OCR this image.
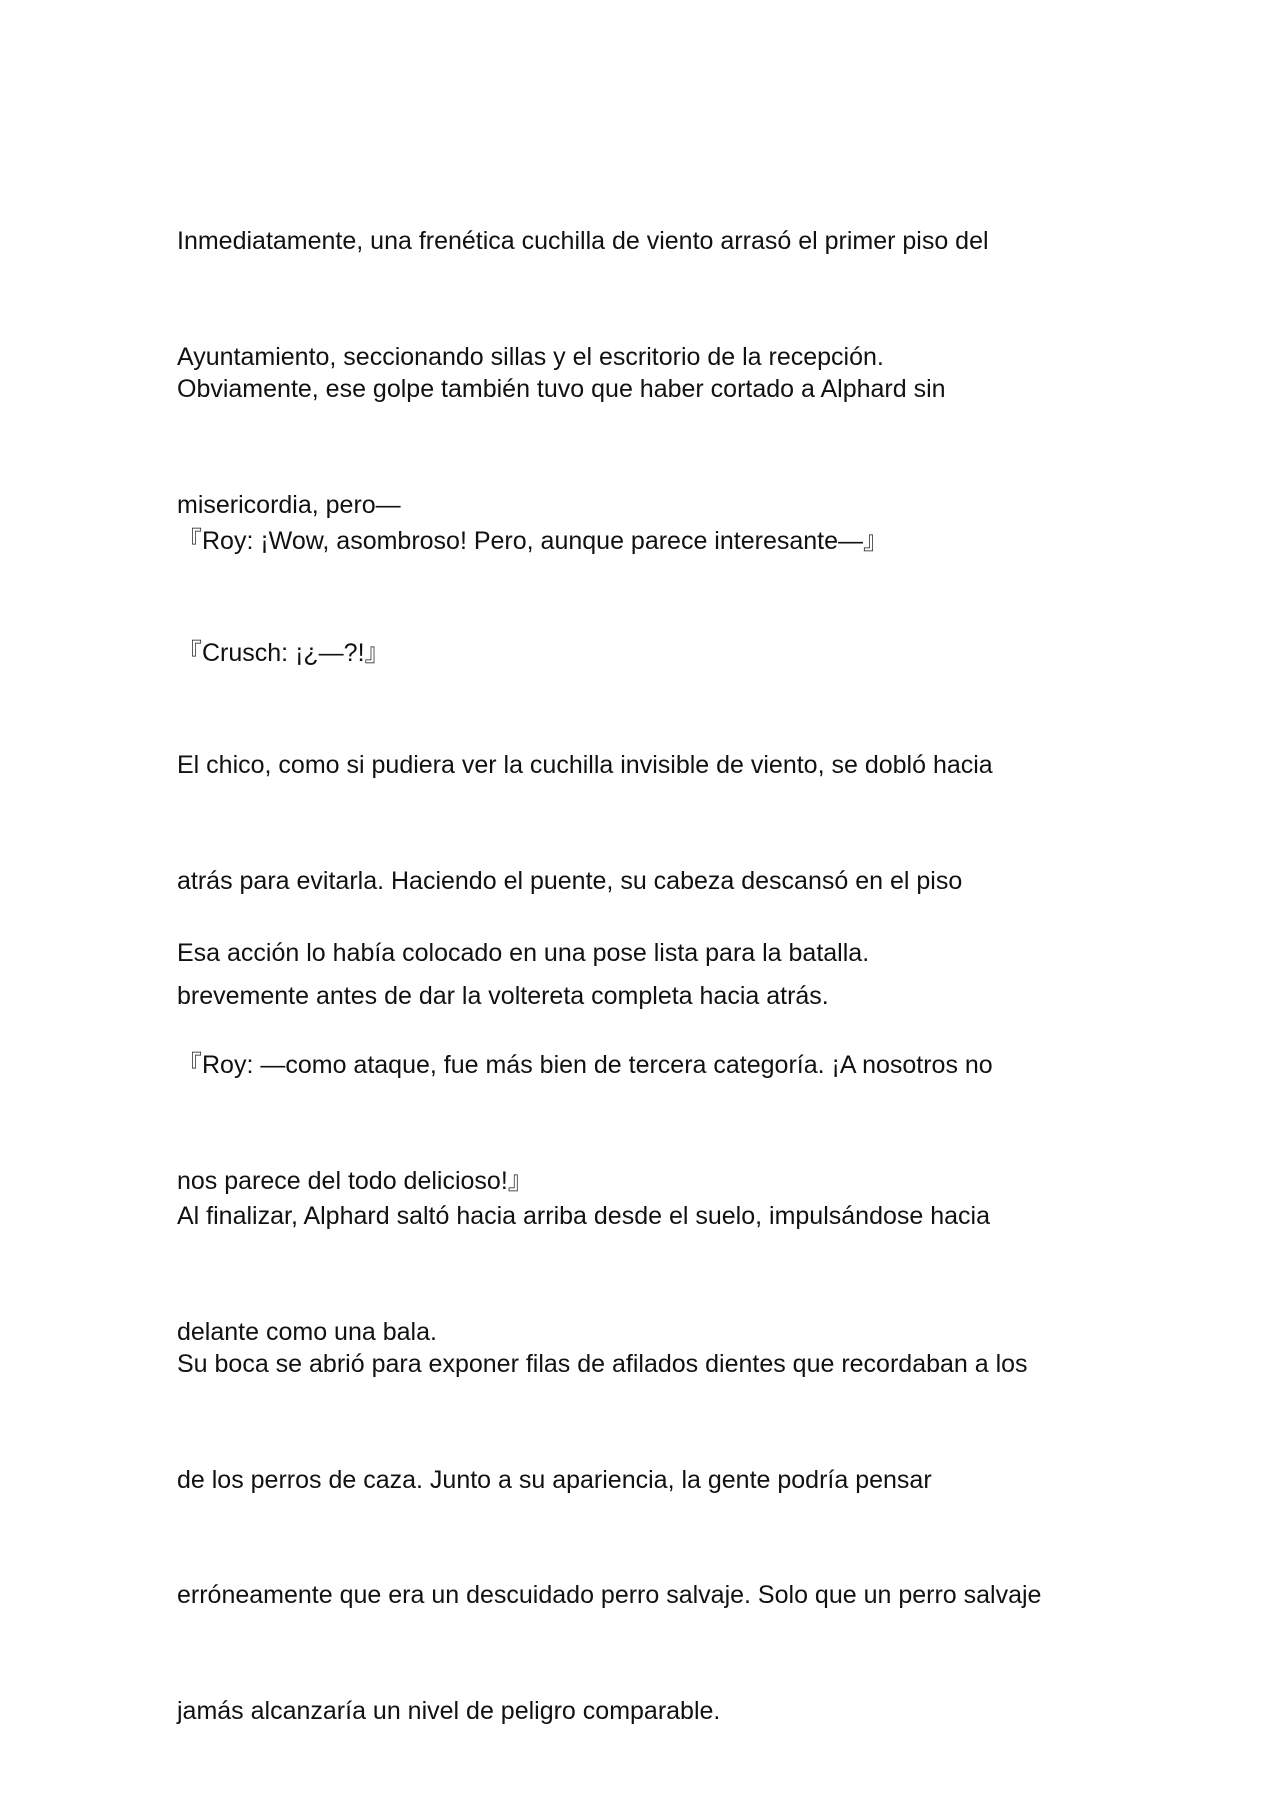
Inmediatamente, una frenética cuchilla de viento arrasó el primer piso del

Ayuntamiento, seccionando sillas y el escritorio de la recepción.

Obviamente, ese golpe también tuvo que haber cortado a Alphard sin

misericordia, pero—

『Roy: ¡Wow, asombroso! Pero, aunque parece interesante—』

『Crusch: ¡¿—?!』

El chico, como si pudiera ver la cuchilla invisible de viento, se dobló hacia

atrás para evitarla. Haciendo el puente, su cabeza descansó en el piso

brevemente antes de dar la voltereta completa hacia atrás.

Esa acción lo había colocado en una pose lista para la batalla.

『Roy: —como ataque, fue más bien de tercera categoría. ¡A nosotros no

nos parece del todo delicioso!』

Al finalizar, Alphard saltó hacia arriba desde el suelo, impulsándose hacia

delante como una bala.

Su boca se abrió para exponer filas de afilados dientes que recordaban a los

de los perros de caza. Junto a su apariencia, la gente podría pensar

erróneamente que era un descuidado perro salvaje. Solo que un perro salvaje

jamás alcanzaría un nivel de peligro comparable.
